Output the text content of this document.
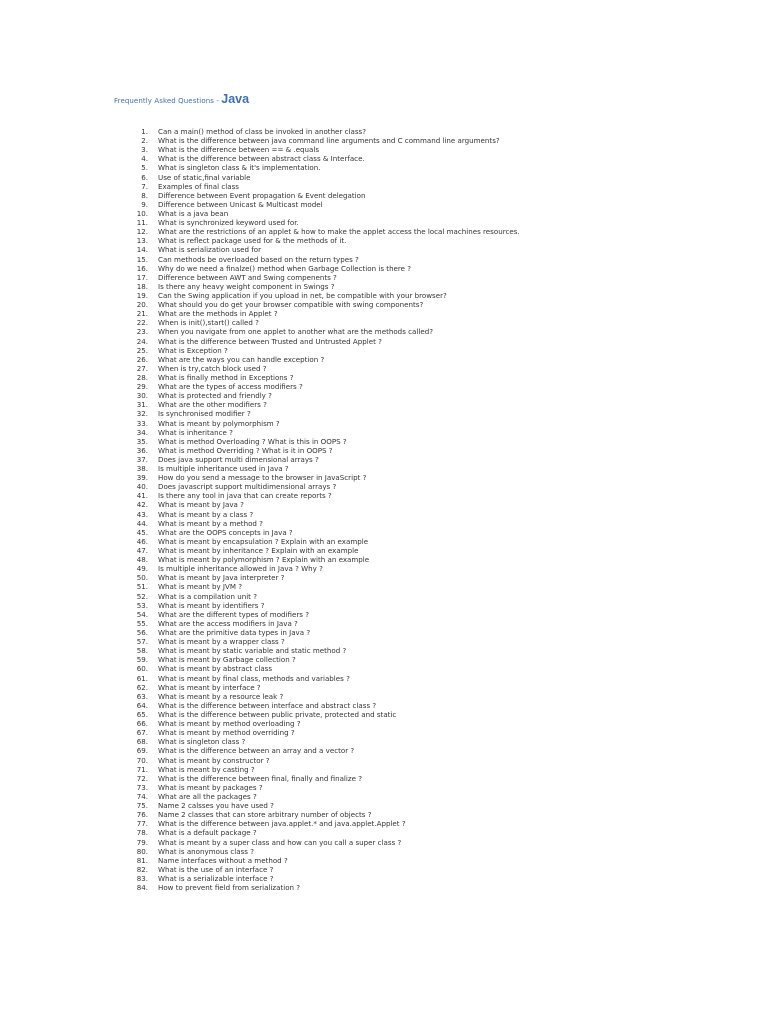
Frequently Asked Questions - Java
1. Can a main() method of class be invoked in another class?
2. What is the difference between java command line arguments and C command line arguments?
3. What is the difference between == & .equals
4. What is the difference between abstract class & Interface.
5. What is singleton class & it's implementation.
6. Use of static,final variable
7. Examples of final class
8. Difference between Event propagation & Event delegation
9. Difference between Unicast & Multicast model
10. What is a java bean
11. What is synchronized keyword used for.
12. What are the restrictions of an applet & how to make the applet access the local machines resources.
13. What is reflect package used for & the methods of it.
14. What is serialization used for
15. Can methods be overloaded based on the return types ?
16. Why do we need a finalze() method when Garbage Collection is there ?
17. Difference between AWT and Swing compenents ?
18. Is there any heavy weight component in Swings ?
19. Can the Swing application if you upload in net, be compatible with your browser?
20. What should you do get your browser compatible with swing components?
21. What are the methods in Applet ?
22. When is init(),start() called ?
23. When you navigate from one applet to another what are the methods called?
24. What is the difference between Trusted and Untrusted Applet ?
25. What is Exception ?
26. What are the ways you can handle exception ?
27. When is try,catch block used ?
28. What is finally method in Exceptions ?
29. What are the types of access modifiers ?
30. What is protected and friendly ?
31. What are the other modifiers ?
32. Is synchronised modifier ?
33. What is meant by polymorphism ?
34. What is inheritance ?
35. What is method Overloading ? What is this in OOPS ?
36. What is method Overriding ? What is it in OOPS ?
37. Does java support multi dimensional arrays ?
38. Is multiple inheritance used in Java ?
39. How do you send a message to the browser in JavaScript ?
40. Does javascript support multidimensional arrays ?
41. Is there any tool in java that can create reports ?
42. What is meant by Java ?
43. What is meant by a class ?
44. What is meant by a method ?
45. What are the OOPS concepts in Java ?
46. What is meant by encapsulation ? Explain with an example
47. What is meant by inheritance ? Explain with an example
48. What is meant by polymorphism ? Explain with an example
49. Is multiple inheritance allowed in Java ? Why ?
50. What is meant by Java interpreter ?
51. What is meant by JVM ?
52. What is a compilation unit ?
53. What is meant by identifiers ?
54. What are the different types of modifiers ?
55. What are the access modifiers in Java ?
56. What are the primitive data types in Java ?
57. What is meant by a wrapper class ?
58. What is meant by static variable and static method ?
59. What is meant by Garbage collection ?
60. What is meant by abstract class
61. What is meant by final class, methods and variables ?
62. What is meant by interface ?
63. What is meant by a resource leak ?
64. What is the difference between interface and abstract class ?
65. What is the difference between public private, protected and static
66. What is meant by method overloading ?
67. What is meant by method overriding ?
68. What is singleton class ?
69. What is the difference between an array and a vector ?
70. What is meant by constructor ?
71. What is meant by casting ?
72. What is the difference between final, finally and finalize ?
73. What is meant by packages ?
74. What are all the packages ?
75. Name 2 calsses you have used ?
76. Name 2 classes that can store arbitrary number of objects ?
77. What is the difference between java.applet.* and java.applet.Applet ?
78. What is a default package ?
79. What is meant by a super class and how can you call a super class ?
80. What is anonymous class ?
81. Name interfaces without a method ?
82. What is the use of an interface ?
83. What is a serializable interface ?
84. How to prevent field from serialization ?
